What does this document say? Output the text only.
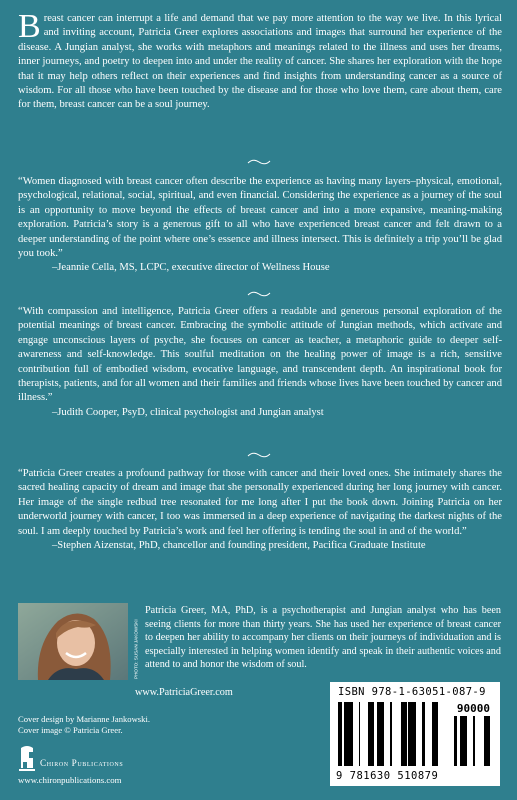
Breast cancer can interrupt a life and demand that we pay more attention to the way we live. In this lyrical and inviting account, Patricia Greer explores associations and images that surround her experience of the disease. A Jungian analyst, she works with metaphors and meanings related to the illness and uses her dreams, inner journeys, and poetry to deepen into and under the reality of cancer. She shares her exploration with the hope that it may help others reflect on their experiences and find insights from understanding cancer as a source of wisdom. For all those who have been touched by the disease and for those who love them, care about them, care for them, breast cancer can be a soul journey.
“Women diagnosed with breast cancer often describe the experience as having many layers–physical, emotional, psychological, relational, social, spiritual, and even financial. Considering the experience as a journey of the soul is an opportunity to move beyond the effects of breast cancer and into a more expansive, meaning-making exploration. Patricia’s story is a generous gift to all who have experienced breast cancer and felt drawn to a deeper understanding of the point where one’s essence and illness intersect. This is definitely a trip you’ll be glad you took.”
–Jeannie Cella, MS, LCPC, executive director of Wellness House
“With compassion and intelligence, Patricia Greer offers a readable and generous personal exploration of the potential meanings of breast cancer. Embracing the symbolic attitude of Jungian methods, which activate and engage unconscious layers of psyche, she focuses on cancer as teacher, a metaphoric guide to deeper self-awareness and self-knowledge. This soulful meditation on the healing power of image is a rich, sensitive contribution full of embodied wisdom, evocative language, and transcendent depth. An inspirational book for therapists, patients, and for all women and their families and friends whose lives have been touched by cancer and illness.”
–Judith Cooper, PsyD, clinical psychologist and Jungian analyst
“Patricia Greer creates a profound pathway for those with cancer and their loved ones. She intimately shares the sacred healing capacity of dream and image that she personally experienced during her long journey with cancer. Her image of the single redbud tree resonated for me long after I put the book down. Joining Patricia on her underworld journey with cancer, I too was immersed in a deep experience of navigating the darkest nights of the soul. I am deeply touched by Patricia’s work and feel her offering is tending the soul in and of the world.”
–Stephen Aizenstat, PhD, chancellor and founding president, Pacifica Graduate Institute
PHOTO: SUSAN JAKOWSKI
Patricia Greer, MA, PhD, is a psychotherapist and Jungian analyst who has been seeing clients for more than thirty years. She has used her experience of breast cancer to deepen her ability to accompany her clients on their journeys of individuation and is especially interested in helping women identify and speak in their authentic voices and attend to and honor the wisdom of soul.
www.PatriciaGreer.com
Cover design by Marianne Jankowski.
Cover image © Patricia Greer.
Chiron Publications
www.chironpublications.com
ISBN 978-1-63051-087-9
90000
9 781630 510879
